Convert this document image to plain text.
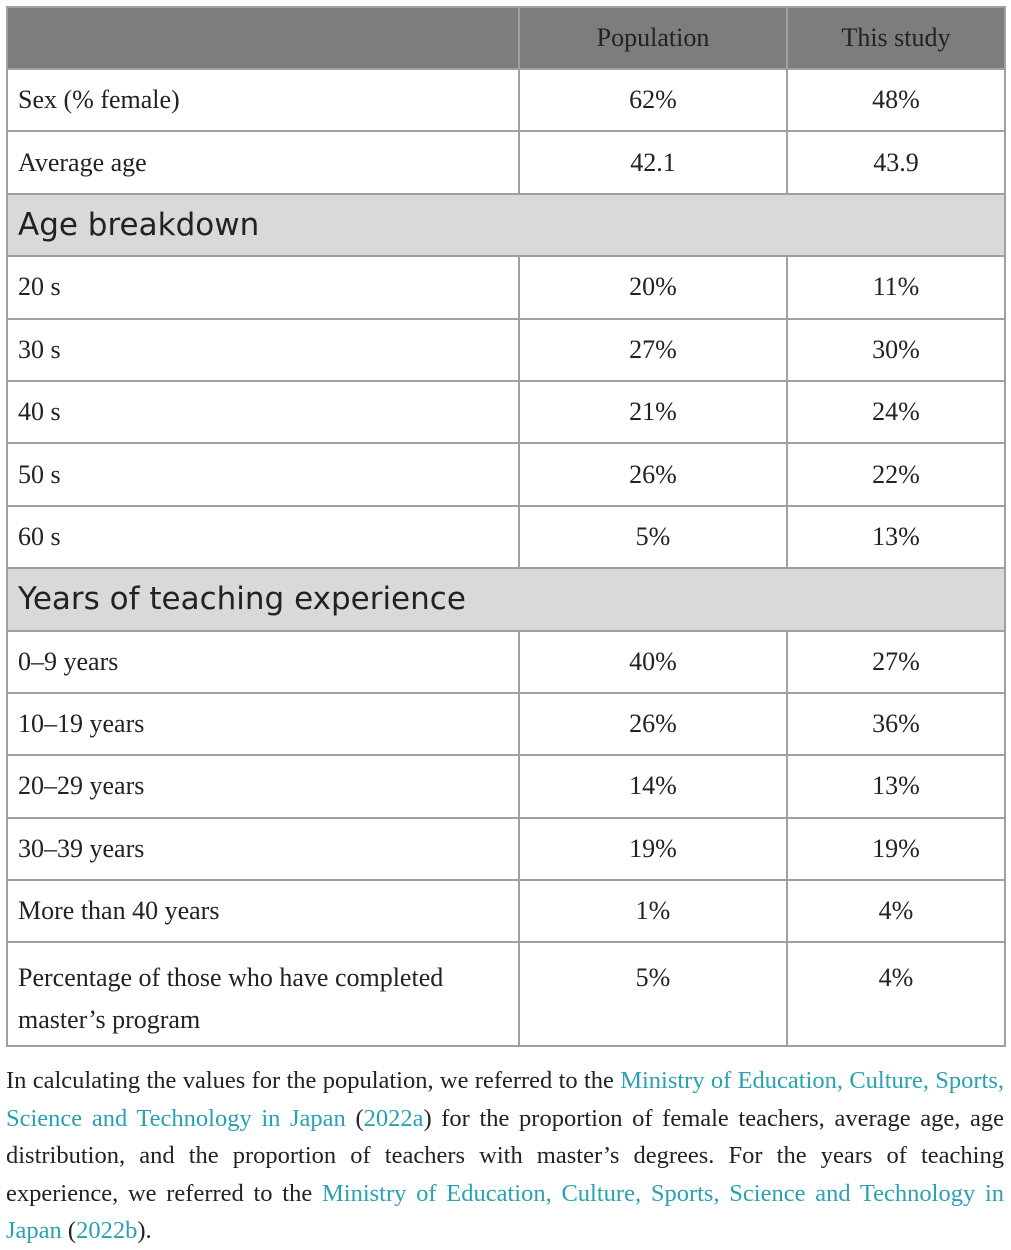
	Population	This study
Sex (% female)	62%	48%
Average age	42.1	43.9
Age breakdown		
20 s	20%	11%
30 s	27%	30%
40 s	21%	24%
50 s	26%	22%
60 s	5%	13%
Years of teaching experience		
0–9 years	40%	27%
10–19 years	26%	36%
20–29 years	14%	13%
30–39 years	19%	19%
More than 40 years	1%	4%
Percentage of those who have completed master’s program	5%	4%
In calculating the values for the population, we referred to the Ministry of Education, Culture, Sports, Science and Technology in Japan (2022a) for the proportion of female teachers, average age, age distribution, and the proportion of teachers with master’s degrees. For the years of teaching experience, we referred to the Ministry of Education, Culture, Sports, Science and Technology in Japan (2022b).
